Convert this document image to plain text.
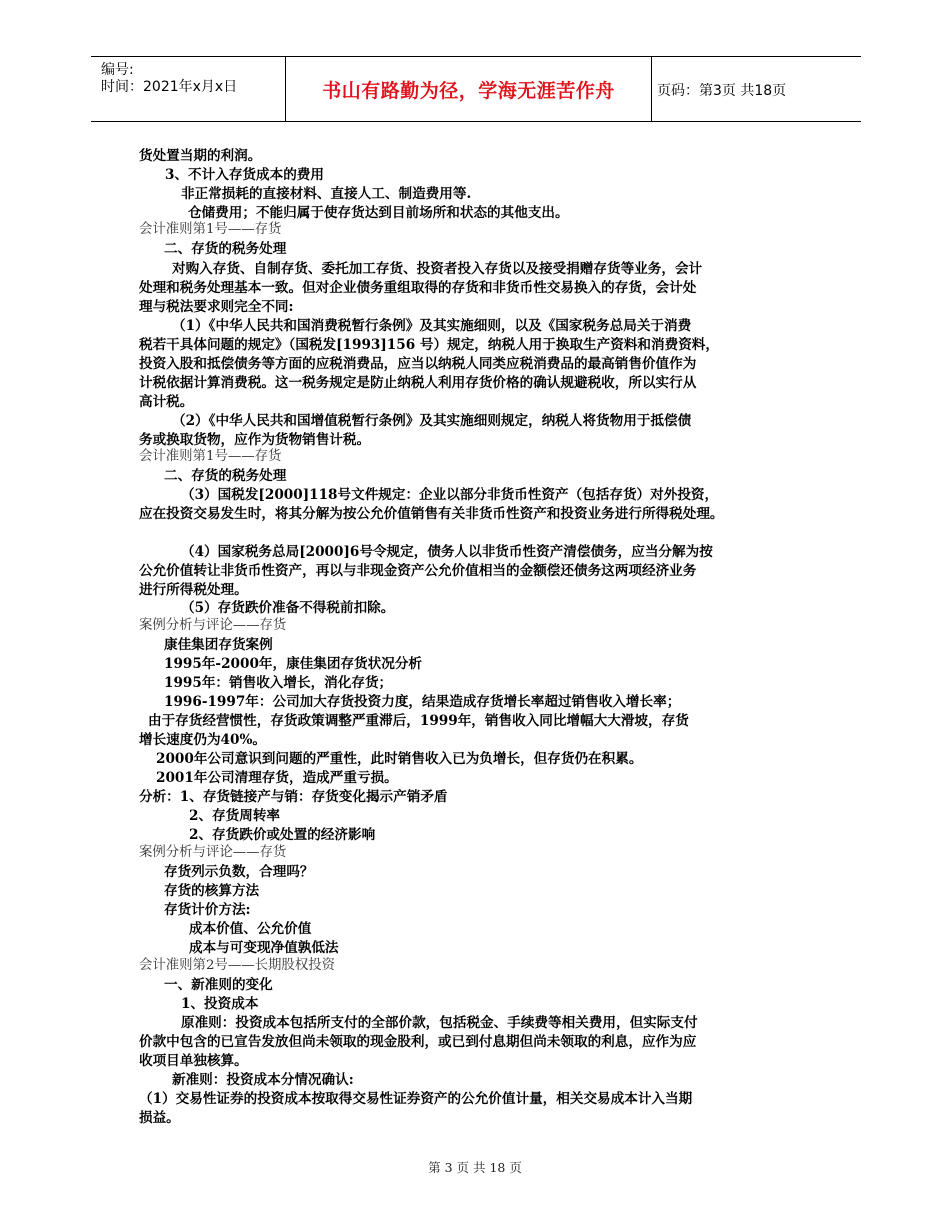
编号:
时间：2021年x月x日	书山有路勤为径，学海无涯苦作舟	页码：第3页 共18页
货处置当期的利润。
3、不计入存货成本的费用
非正常损耗的直接材料、直接人工、制造费用等.
仓储费用；不能归属于使存货达到目前场所和状态的其他支出。
会计准则第1号——存货
二、存货的税务处理
对购入存货、自制存货、委托加工存货、投资者投入存货以及接受捐赠存货等业务，会计
处理和税务处理基本一致。但对企业债务重组取得的存货和非货币性交易换入的存货，会计处
理与税法要求则完全不同:
（1）《中华人民共和国消费税暂行条例》及其实施细则，以及《国家税务总局关于消费
税若干具体问题的规定》（国税发[1993]156 号）规定，纳税人用于换取生产资料和消费资料，
投资入股和抵偿债务等方面的应税消费品，应当以纳税人同类应税消费品的最高销售价值作为
计税依据计算消费税。这一税务规定是防止纳税人利用存货价格的确认规避税收，所以实行从
高计税。
（2）《中华人民共和国增值税暂行条例》及其实施细则规定，纳税人将货物用于抵偿债
务或换取货物，应作为货物销售计税。
会计准则第1号——存货
二、存货的税务处理
（3）国税发[2000]118号文件规定：企业以部分非货币性资产（包括存货）对外投资，
应在投资交易发生时，将其分解为按公允价值销售有关非货币性资产和投资业务进行所得税处理。
（4）国家税务总局[2000]6号令规定，债务人以非货币性资产清偿债务，应当分解为按
公允价值转让非货币性资产，再以与非现金资产公允价值相当的金额偿还债务这两项经济业务
进行所得税处理。
（5）存货跌价准备不得税前扣除。
案例分析与评论——存货
康佳集团存货案例
1995年-2000年，康佳集团存货状况分析
1995年：销售收入增长，消化存货；
1996-1997年：公司加大存货投资力度，结果造成存货增长率超过销售收入增长率；
由于存货经营惯性，存货政策调整严重滞后，1999年，销售收入同比增幅大大滑坡，存货
增长速度仍为40%。
2000年公司意识到问题的严重性，此时销售收入已为负增长，但存货仍在积累。
2001年公司清理存货，造成严重亏损。
分析：1、存货链接产与销：存货变化揭示产销矛盾
2、存货周转率
2、存货跌价或处置的经济影响
案例分析与评论——存货
存货列示负数，合理吗？
存货的核算方法
存货计价方法:
成本价值、公允价值
成本与可变现净值孰低法
会计准则第2号——长期股权投资
一、新准则的变化
1、投资成本
原准则：投资成本包括所支付的全部价款，包括税金、手续费等相关费用，但实际支付
价款中包含的已宣告发放但尚未领取的现金股利，或已到付息期但尚未领取的利息，应作为应
收项目单独核算。
新准则：投资成本分情况确认:
（1）交易性证券的投资成本按取得交易性证券资产的公允价值计量，相关交易成本计入当期
损益。
第 3 页 共 18 页
